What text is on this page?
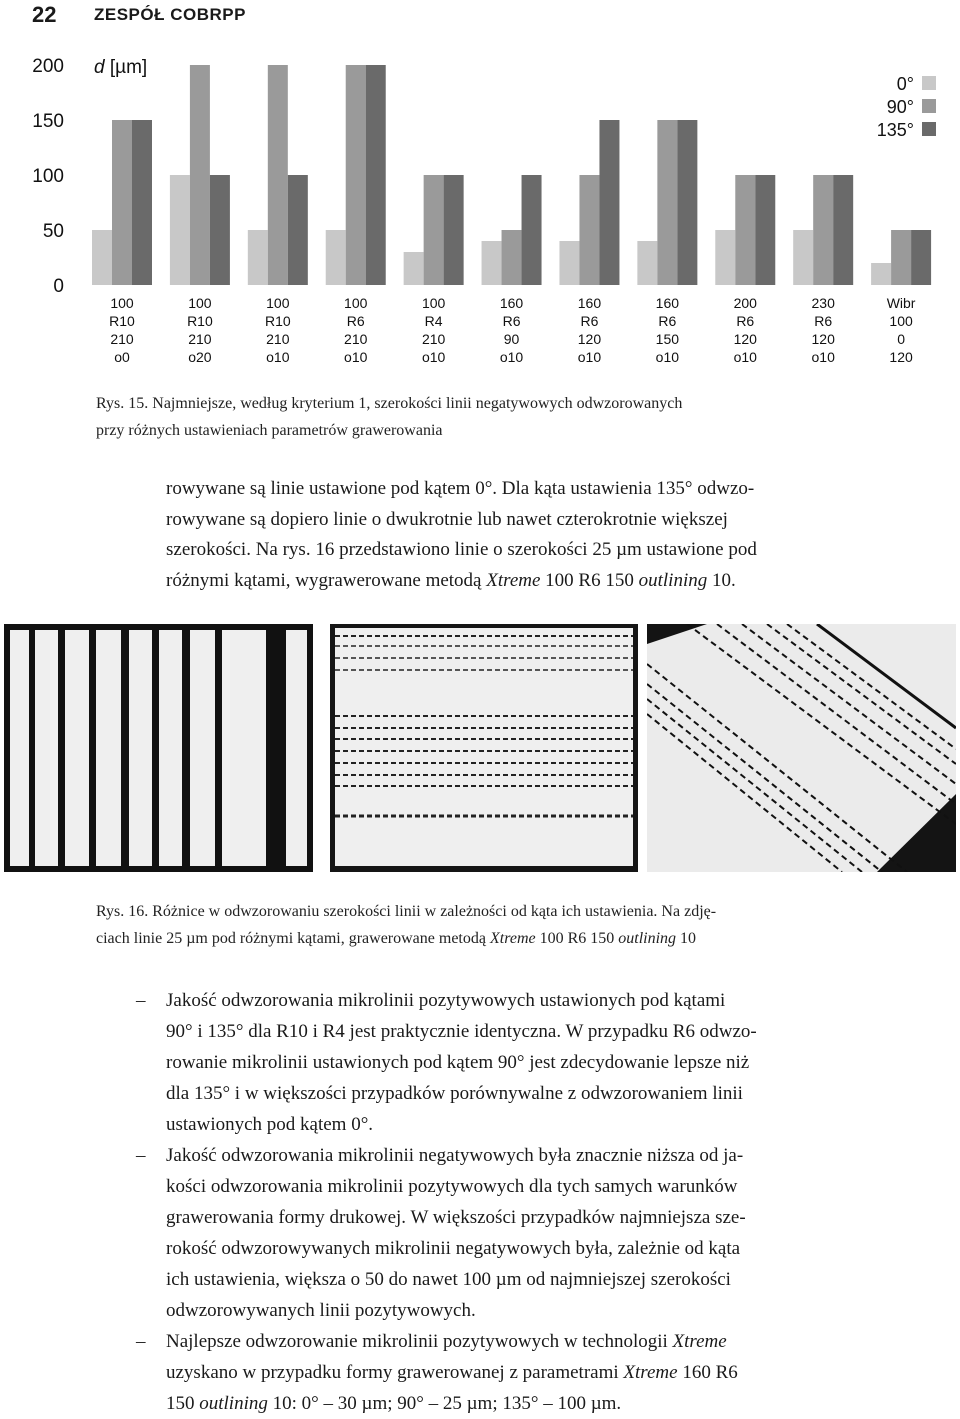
22 ZESPÓŁ COBRPP
0
50
100
150
200 d [µm]
100
R10
210
o0
100
R10
210
o20
100
R10
210
o10
100
R6
210
o10
100
R4
210
o10
160
R6
90
o10
160
R6
120
o10
160
R6
150
o10
200
R6
120
o10
230
R6
120
o10
Wibr
100
0
120
0°
90°
135°
Rys. 15. Najmniejsze, według kryterium 1, szerokości linii negatywowych odwzorowanych
przy różnych ustawieniach parametrów grawerowania
rowywane są linie ustawione pod kątem 0°. Dla kąta ustawienia 135° odwzo-
rowywane są dopiero linie o dwukrotnie lub nawet czterokrotnie większej
szerokości. Na rys. 16 przedstawiono linie o szerokości 25 µm ustawione pod
różnymi kątami, wygrawerowane metodą Xtreme 100 R6 150 outlining 10.
Rys. 16. Różnice w odwzorowaniu szerokości linii w zależności od kąta ich ustawienia. Na zdję-
ciach linie 25 µm pod różnymi kątami, grawerowane metodą Xtreme 100 R6 150 outlining 10
– Jakość odwzorowania mikrolinii pozytywowych ustawionych pod kątami
90° i 135° dla R10 i R4 jest praktycznie identyczna. W przypadku R6 odwzo-
rowanie mikrolinii ustawionych pod kątem 90° jest zdecydowanie lepsze niż
dla 135° i w większości przypadków porównywalne z odwzorowaniem linii
ustawionych pod kątem 0°.
– Jakość odwzorowania mikrolinii negatywowych była znacznie niższa od ja-
kości odwzorowania mikrolinii pozytywowych dla tych samych warunków
grawerowania formy drukowej. W większości przypadków najmniejsza sze-
rokość odwzorowywanych mikrolinii negatywowych była, zależnie od kąta
ich ustawienia, większa o 50 do nawet 100 µm od najmniejszej szerokości
odwzorowywanych linii pozytywowych.
– Najlepsze odwzorowanie mikrolinii pozytywowych w technologii Xtreme
uzyskano w przypadku formy grawerowanej z parametrami Xtreme 160 R6
150 outlining 10: 0° – 30 µm; 90° – 25 µm; 135° – 100 µm.
